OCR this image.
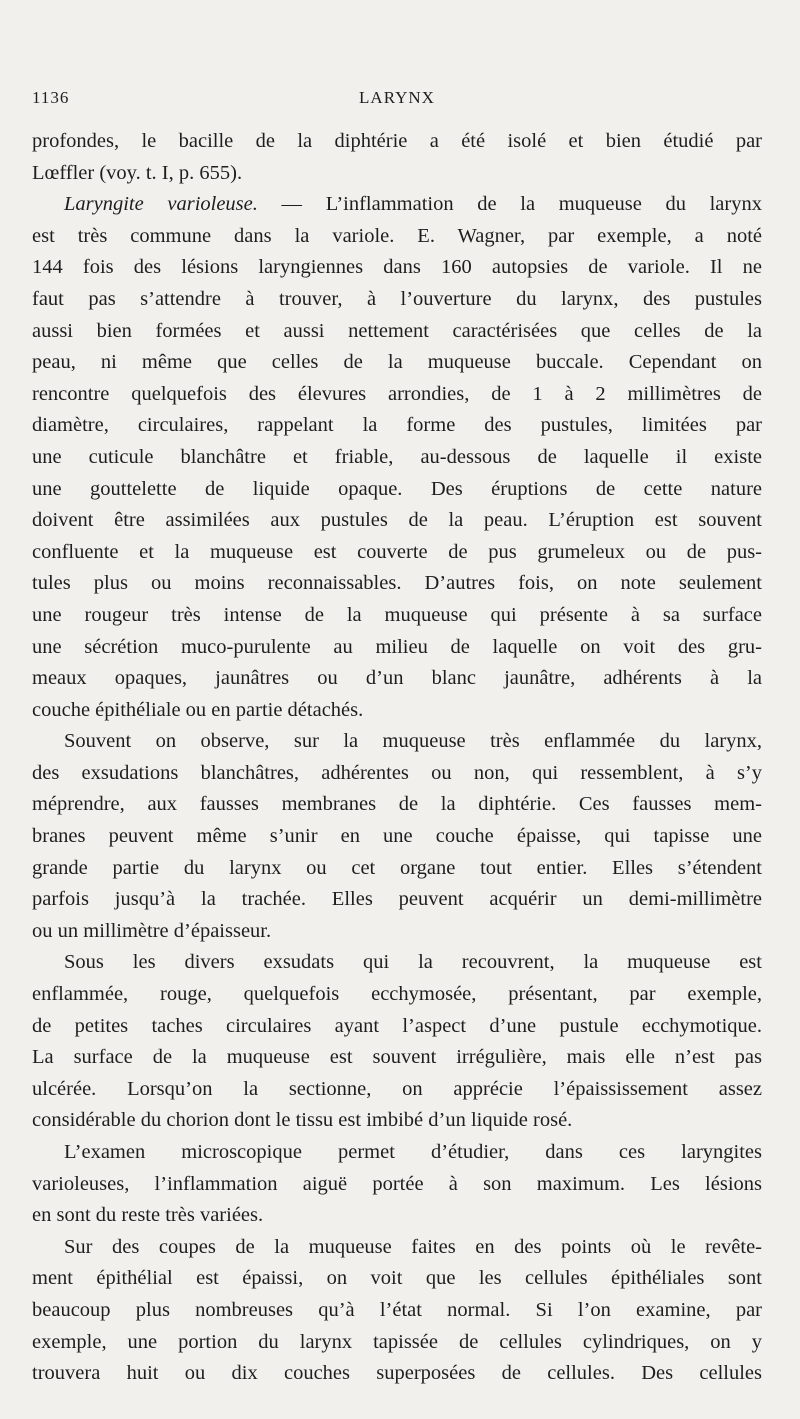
1136	LARYNX
profondes, le bacille de la diphtérie a été isolé et bien étudié par
Lœffler (voy. t. I, p. 655).
Laryngite varioleuse. — L’inflammation de la muqueuse du larynx
est très commune dans la variole. E. Wagner, par exemple, a noté
144 fois des lésions laryngiennes dans 160 autopsies de variole. Il ne
faut pas s’attendre à trouver, à l’ouverture du larynx, des pustules
aussi bien formées et aussi nettement caractérisées que celles de la
peau, ni même que celles de la muqueuse buccale. Cependant on
rencontre quelquefois des élevures arrondies, de 1 à 2 millimètres de
diamètre, circulaires, rappelant la forme des pustules, limitées par
une cuticule blanchâtre et friable, au-dessous de laquelle il existe
une gouttelette de liquide opaque. Des éruptions de cette nature
doivent être assimilées aux pustules de la peau. L’éruption est souvent
confluente et la muqueuse est couverte de pus grumeleux ou de pus-
tules plus ou moins reconnaissables. D’autres fois, on note seulement
une rougeur très intense de la muqueuse qui présente à sa surface
une sécrétion muco-purulente au milieu de laquelle on voit des gru-
meaux opaques, jaunâtres ou d’un blanc jaunâtre, adhérents à la
couche épithéliale ou en partie détachés.
Souvent on observe, sur la muqueuse très enflammée du larynx,
des exsudations blanchâtres, adhérentes ou non, qui ressemblent, à s’y
méprendre, aux fausses membranes de la diphtérie. Ces fausses mem-
branes peuvent même s’unir en une couche épaisse, qui tapisse une
grande partie du larynx ou cet organe tout entier. Elles s’étendent
parfois jusqu’à la trachée. Elles peuvent acquérir un demi-millimètre
ou un millimètre d’épaisseur.
Sous les divers exsudats qui la recouvrent, la muqueuse est
enflammée, rouge, quelquefois ecchymosée, présentant, par exemple,
de petites taches circulaires ayant l’aspect d’une pustule ecchymotique.
La surface de la muqueuse est souvent irrégulière, mais elle n’est pas
ulcérée. Lorsqu’on la sectionne, on apprécie l’épaississement assez
considérable du chorion dont le tissu est imbibé d’un liquide rosé.
L’examen microscopique permet d’étudier, dans ces laryngites
varioleuses, l’inflammation aiguë portée à son maximum. Les lésions
en sont du reste très variées.
Sur des coupes de la muqueuse faites en des points où le revête-
ment épithélial est épaissi, on voit que les cellules épithéliales sont
beaucoup plus nombreuses qu’à l’état normal. Si l’on examine, par
exemple, une portion du larynx tapissée de cellules cylindriques, on y
trouvera huit ou dix couches superposées de cellules. Des cellules
